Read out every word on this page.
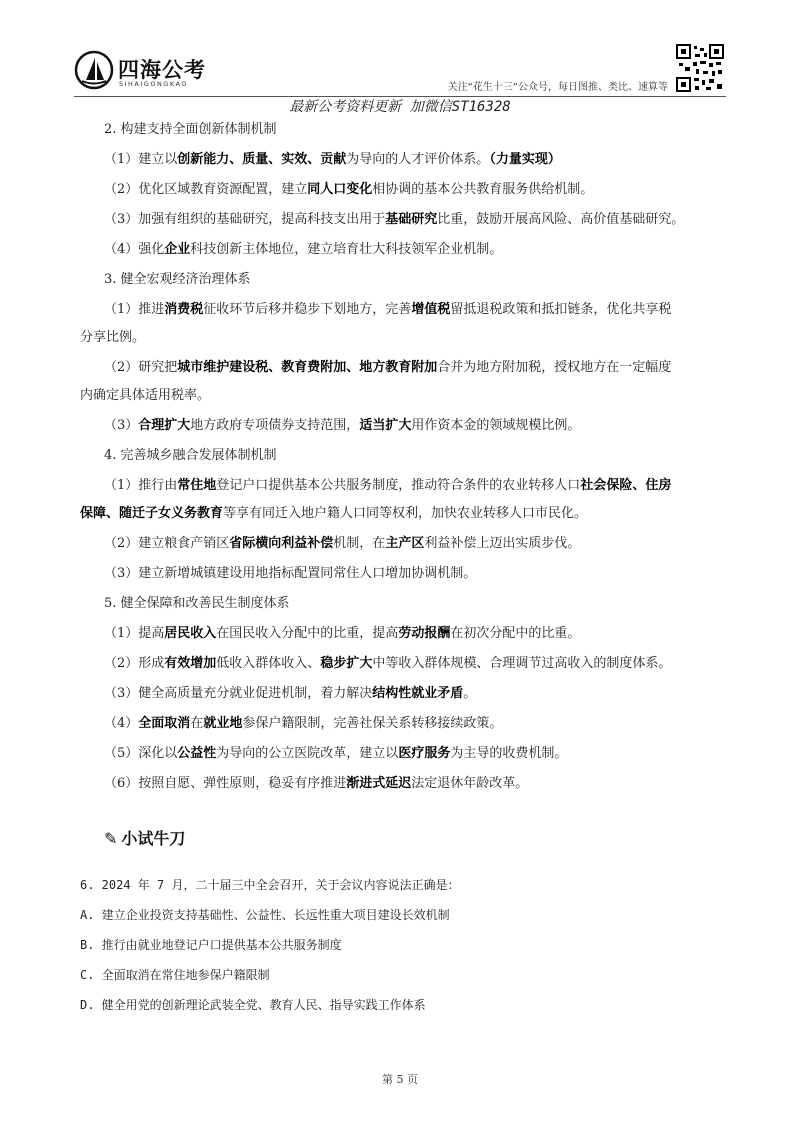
四海公考
SIHAIGONGKAO	关注“花生十三”公众号，每日图推、类比、速算等
最新公考资料更新 加微信ST16328
2. 构建支持全面创新体制机制
（1）建立以创新能力、质量、实效、贡献为导向的人才评价体系。（力量实现）
（2）优化区域教育资源配置，建立同人口变化相协调的基本公共教育服务供给机制。
（3）加强有组织的基础研究，提高科技支出用于基础研究比重，鼓励开展高风险、高价值基础研究。
（4）强化企业科技创新主体地位，建立培育壮大科技领军企业机制。
3. 健全宏观经济治理体系
（1）推进消费税征收环节后移并稳步下划地方，完善增值税留抵退税政策和抵扣链条，优化共享税
分享比例。
（2）研究把城市维护建设税、教育费附加、地方教育附加合并为地方附加税，授权地方在一定幅度
内确定具体适用税率。
（3）合理扩大地方政府专项债券支持范围，适当扩大用作资本金的领域规模比例。
4. 完善城乡融合发展体制机制
（1）推行由常住地登记户口提供基本公共服务制度，推动符合条件的农业转移人口社会保险、住房
保障、随迁子女义务教育等享有同迁入地户籍人口同等权利，加快农业转移人口市民化。
（2）建立粮食产销区省际横向利益补偿机制，在主产区利益补偿上迈出实质步伐。
（3）建立新增城镇建设用地指标配置同常住人口增加协调机制。
5. 健全保障和改善民生制度体系
（1）提高居民收入在国民收入分配中的比重，提高劳动报酬在初次分配中的比重。
（2）形成有效增加低收入群体收入、稳步扩大中等收入群体规模、合理调节过高收入的制度体系。
（3）健全高质量充分就业促进机制，着力解决结构性就业矛盾。
（4）全面取消在就业地参保户籍限制，完善社保关系转移接续政策。
（5）深化以公益性为导向的公立医院改革，建立以医疗服务为主导的收费机制。
（6）按照自愿、弹性原则，稳妥有序推进渐进式延迟法定退休年龄改革。
✎ 小试牛刀
6. 2024 年 7 月，二十届三中全会召开，关于会议内容说法正确是：
A. 建立企业投资支持基础性、公益性、长远性重大项目建设长效机制
B. 推行由就业地登记户口提供基本公共服务制度
C. 全面取消在常住地参保户籍限制
D. 健全用党的创新理论武装全党、教育人民、指导实践工作体系
第 5 页
